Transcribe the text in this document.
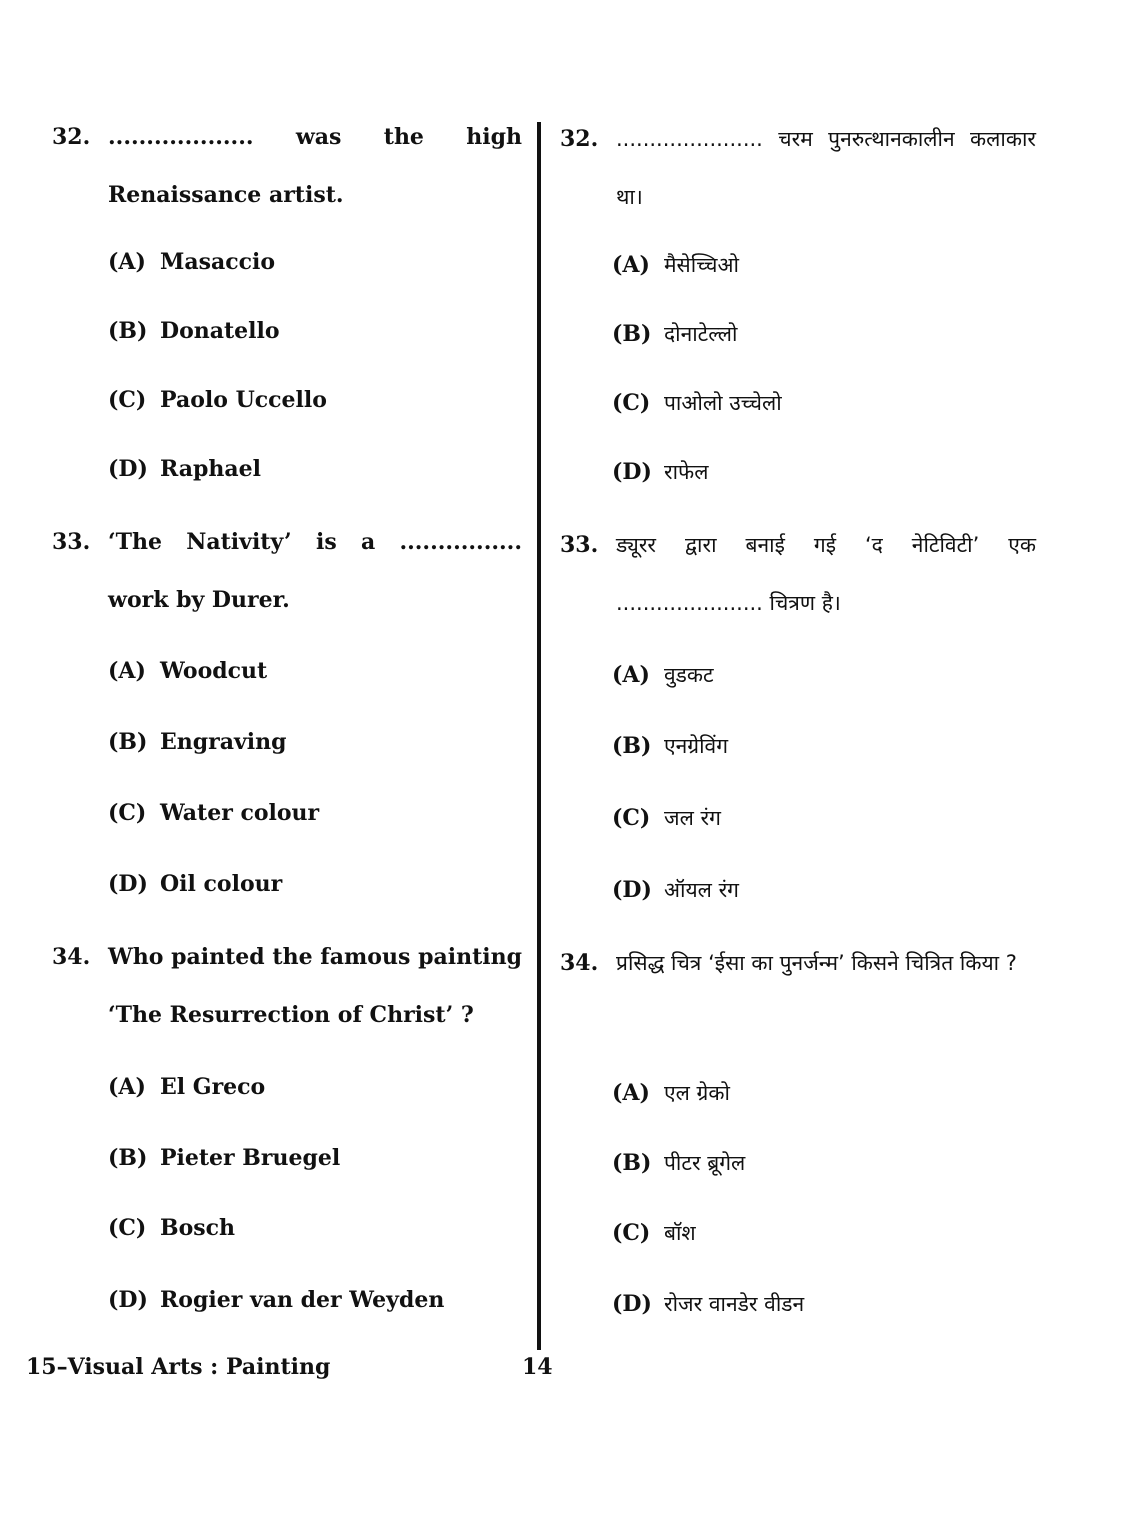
32. ................... was the high Renaissance artist.
(A) Masaccio
(B) Donatello
(C) Paolo Uccello
(D) Raphael
33. ‘The Nativity’ is a ................ work by Durer.
(A) Woodcut
(B) Engraving
(C) Water colour
(D) Oil colour
34. Who painted the famous painting ‘The Resurrection of Christ’ ?
(A) El Greco
(B) Pieter Bruegel
(C) Bosch
(D) Rogier van der Weyden
32. ...................... चरम पुनरुत्थानकालीन कलाकार था।
(A) मैसेच्चिओ
(B) दोनाटेल्लो
(C) पाओलो उच्चेलो
(D) राफेल
33. ड्यूरर द्वारा बनाई गई ‘द नेटिविटी’ एक ...................... चित्रण है।
(A) वुडकट
(B) एनग्रेविंग
(C) जल रंग
(D) ऑयल रंग
34. प्रसिद्ध चित्र ‘ईसा का पुनर्जन्म’ किसने चित्रित किया ?
(A) एल ग्रेको
(B) पीटर ब्रूगेल
(C) बॉश
(D) रोजर वानडेर वीडन
15–Visual Arts : Painting	14
